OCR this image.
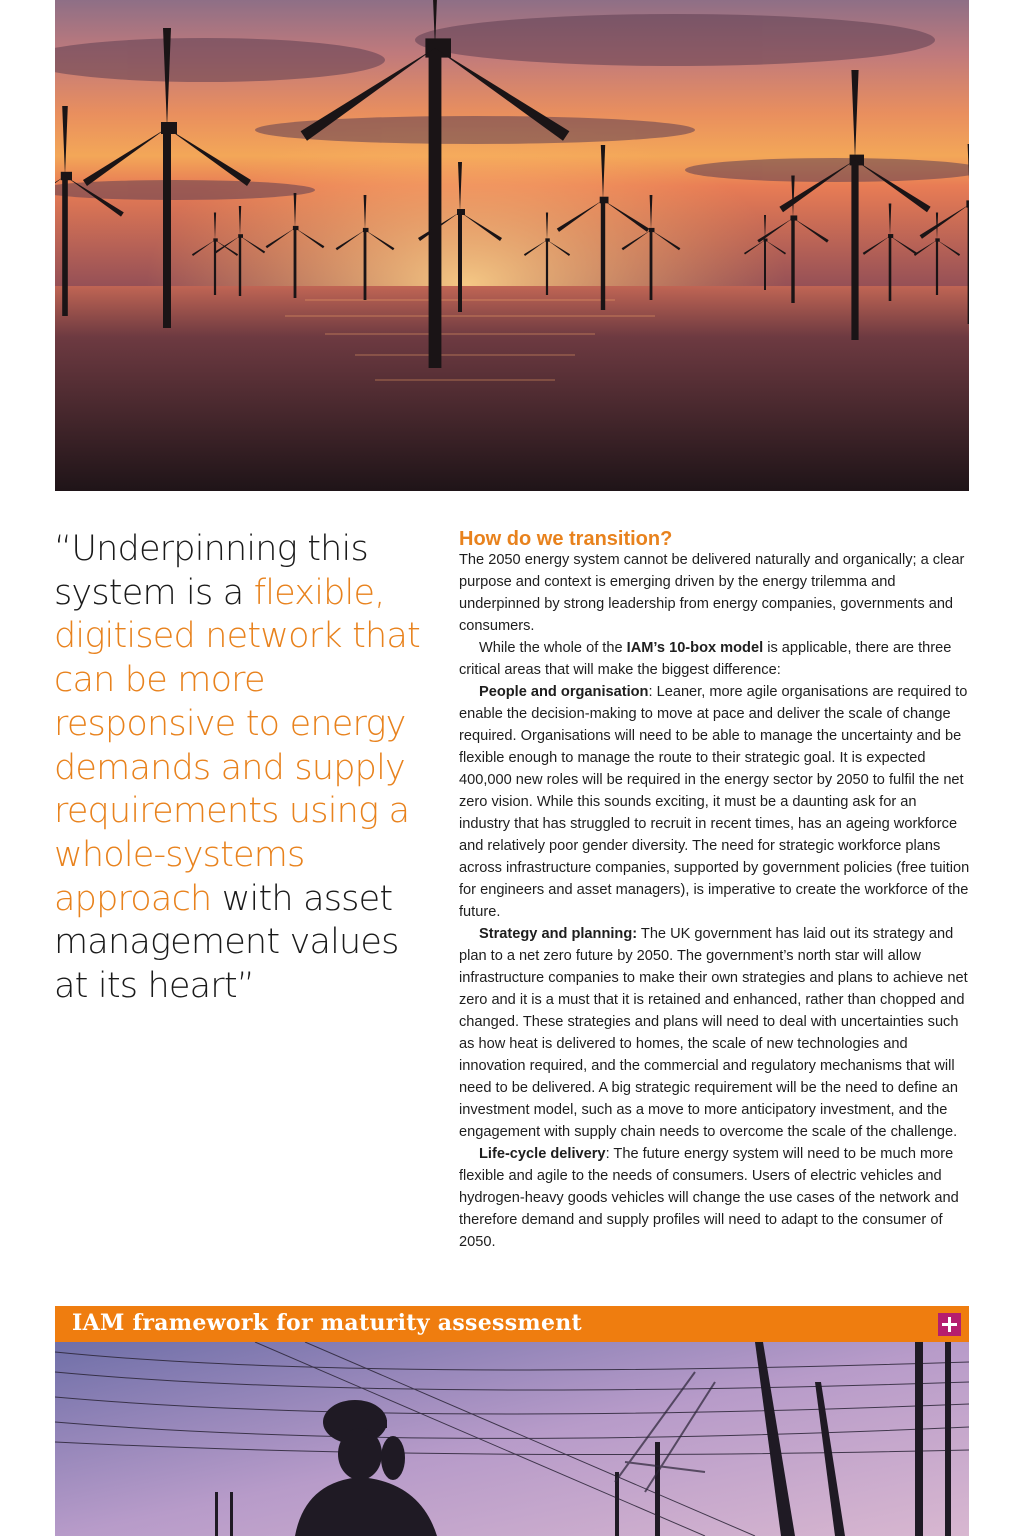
“Underpinning this system is a flexible, digitised network that can be more responsive to energy demands and supply requirements using a whole-systems approach with asset management values at its heart”
How do we transition?

The 2050 energy system cannot be delivered naturally and organically; a clear purpose and context is emerging driven by the energy trilemma and underpinned by strong leadership from energy companies, governments and consumers.

While the whole of the IAM’s 10-box model is applicable, there are three critical areas that will make the biggest difference:

People and organisation: Leaner, more agile organisations are required to enable the decision-making to move at pace and deliver the scale of change required. Organisations will need to be able to manage the uncertainty and be flexible enough to manage the route to their strategic goal. It is expected 400,000 new roles will be required in the energy sector by 2050 to fulfil the net zero vision. While this sounds exciting, it must be a daunting ask for an industry that has struggled to recruit in recent times, has an ageing workforce and relatively poor gender diversity. The need for strategic workforce plans across infrastructure companies, supported by government policies (free tuition for engineers and asset managers), is imperative to create the workforce of the future.

Strategy and planning: The UK government has laid out its strategy and plan to a net zero future by 2050. The government’s north star will allow infrastructure companies to make their own strategies and plans to achieve net zero and it is a must that it is retained and enhanced, rather than chopped and changed. These strategies and plans will need to deal with uncertainties such as how heat is delivered to homes, the scale of new technologies and innovation required, and the commercial and regulatory mechanisms that will need to be delivered. A big strategic requirement will be the need to define an investment model, such as a move to more anticipatory investment, and the engagement with supply chain needs to overcome the scale of the challenge.

Life-cycle delivery: The future energy system will need to be much more flexible and agile to the needs of consumers. Users of electric vehicles and hydrogen-heavy goods vehicles will change the use cases of the network and therefore demand and supply profiles will need to adapt to the consumer of 2050.

IAM framework for maturity assessment
